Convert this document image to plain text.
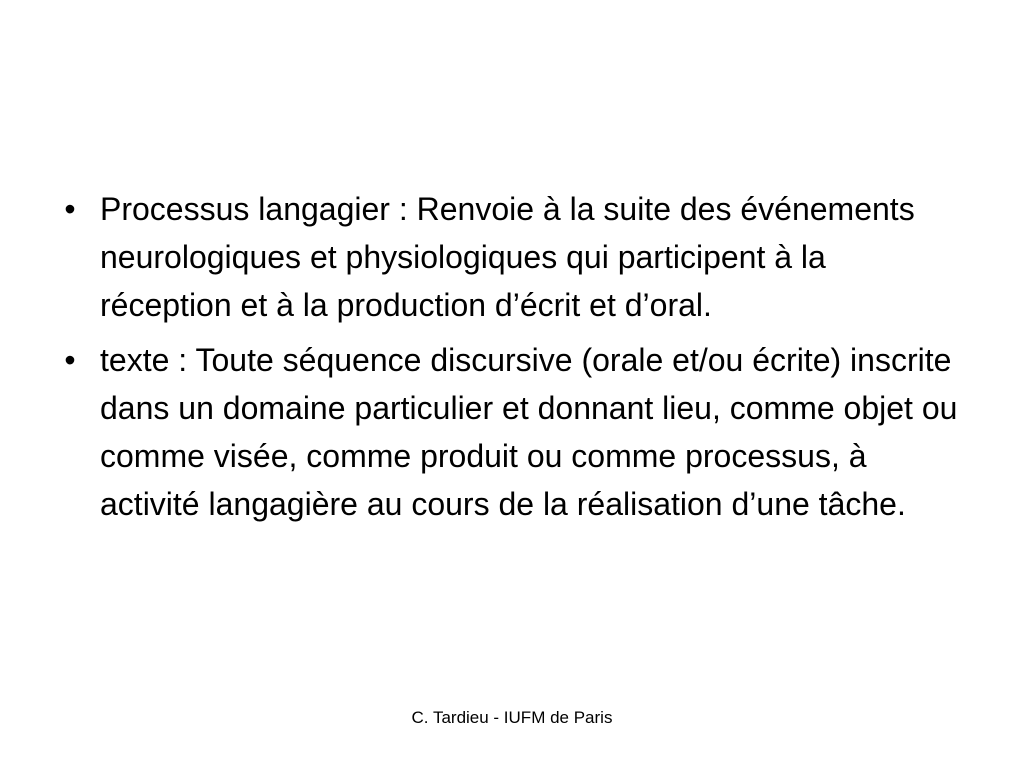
• Processus langagier : Renvoie à la suite des événements neurologiques et physiologiques qui participent à la réception et à la production d’écrit et d’oral.
• texte : Toute séquence discursive (orale et/ou écrite) inscrite dans un domaine particulier et donnant lieu, comme objet ou comme visée, comme produit ou comme processus, à activité langagière au cours de la réalisation d’une tâche.
C. Tardieu - IUFM de Paris
